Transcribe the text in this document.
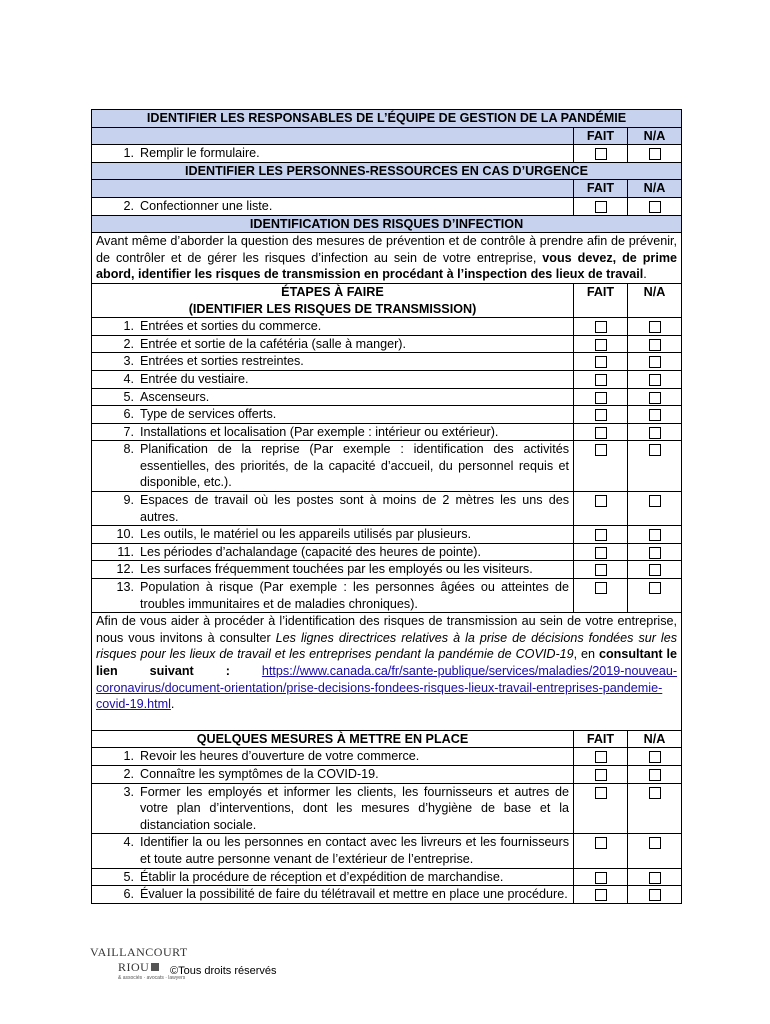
IDENTIFIER LES RESPONSABLES DE L’ÉQUIPE DE GESTION DE LA PANDÉMIE		
	FAIT	N/A

1. Remplir le formulaire.		

IDENTIFIER LES PERSONNES-RESSOURCES EN CAS D’URGENCE		
	FAIT	N/A

2. Confectionner une liste.		

IDENTIFICATION DES RISQUES D’INFECTION		
Avant même d’aborder la question des mesures de prévention et de contrôle à prendre afin de prévenir, de contrôler et de gérer les risques d’infection au sein de votre entreprise, vous devez, de prime abord, identifier les risques de transmission en procédant à l’inspection des lieux de travail.		

ÉTAPES À FAIRE
(IDENTIFIER LES RISQUES DE TRANSMISSION)	FAIT	N/A

1. Entrées et sorties du commerce.		

2. Entrée et sortie de la cafétéria (salle à manger).		

3. Entrées et sorties restreintes.		

4. Entrée du vestiaire.		

5. Ascenseurs.		

6. Type de services offerts.		

7. Installations et localisation (Par exemple : intérieur ou extérieur).		

8. Planification de la reprise (Par exemple : identification des activités essentielles, des priorités, de la capacité d’accueil, du personnel requis et disponible, etc.).		

9. Espaces de travail où les postes sont à moins de 2 mètres les uns des autres.		

10. Les outils, le matériel ou les appareils utilisés par plusieurs.		

11. Les périodes d’achalandage (capacité des heures de pointe).		

12. Les surfaces fréquemment touchées par les employés ou les visiteurs.		

13. Population à risque (Par exemple : les personnes âgées ou atteintes de troubles immunitaires et de maladies chroniques).		

Afin de vous aider à procéder à l’identification des risques de transmission au sein de votre entreprise, nous vous invitons à consulter Les lignes directrices relatives à la prise de décisions fondées sur les risques pour les lieux de travail et les entreprises pendant la pandémie de COVID-19, en consultant le lien suivant : https://www.canada.ca/fr/sante-publique/services/maladies/2019-nouveau-coronavirus/document-orientation/prise-decisions-fondees-risques-lieux-travail-entreprises-pandemie-covid-19.html.		
QUELQUES MESURES À METTRE EN PLACE	FAIT	N/A

1. Revoir les heures d’ouverture de votre commerce.		

2. Connaître les symptômes de la COVID-19.		

3. Former les employés et informer les clients, les fournisseurs et autres de votre plan d’interventions, dont les mesures d’hygiène de base et la distanciation sociale.		

4. Identifier la ou les personnes en contact avec les livreurs et les fournisseurs et toute autre personne venant de l’extérieur de l’entreprise.		

5. Établir la procédure de réception et d’expédition de marchandise.		

6. Évaluer la possibilité de faire du télétravail et mettre en place une procédure.		

VAILLANCOURT
RIOU
& associés · avocats · lawyers
©Tous droits réservés
